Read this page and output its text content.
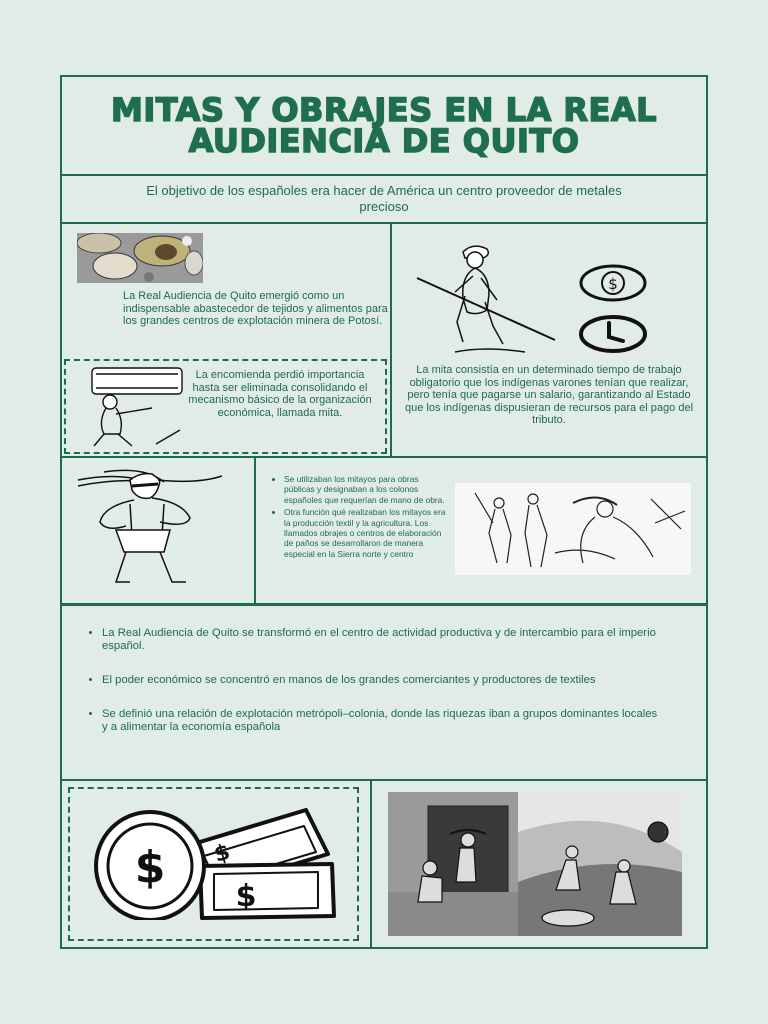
MITAS Y OBRAJES EN LA REAL AUDIENCIA DE QUITO
El objetivo de los españoles era hacer de América un centro proveedor de metales precioso
La Real Audiencia de Quito emergió como un indispensable abastecedor de tejidos y alimentos para los grandes centros de explotación minera de Potosí.
$
La mita consistía en un determinado tiempo de trabajo obligatorio que los indígenas varones tenían que realizar, pero tenía que pagarse un salario, garantizando al Estado que los indígenas dispusieran de recursos para el pago del tributo.
La encomienda perdió importancia hasta ser eliminada consolidando el mecanismo básico de la organización económica, llamada mita.
• Se utilizaban los mitayos para obras públicas y designaban a los colonos españoles que requerían de mano de obra.
• Otra función qué realizaban los mitayos era la producción textil y la agricultura. Los llamados obrajes o centros de elaboración de paños se desarrollaron de manera especial en la Sierra norte y centro
• La Real Audiencia de Quito se transformó en el centro de actividad productiva y de intercambio para el imperio español.
• El poder económico se concentró en manos de los grandes comerciantes y productores de textiles
• Se definió una relación de explotación metrópoli–colonia, donde las riquezas iban a grupos dominantes locales y a alimentar la economía española
$
$
$
